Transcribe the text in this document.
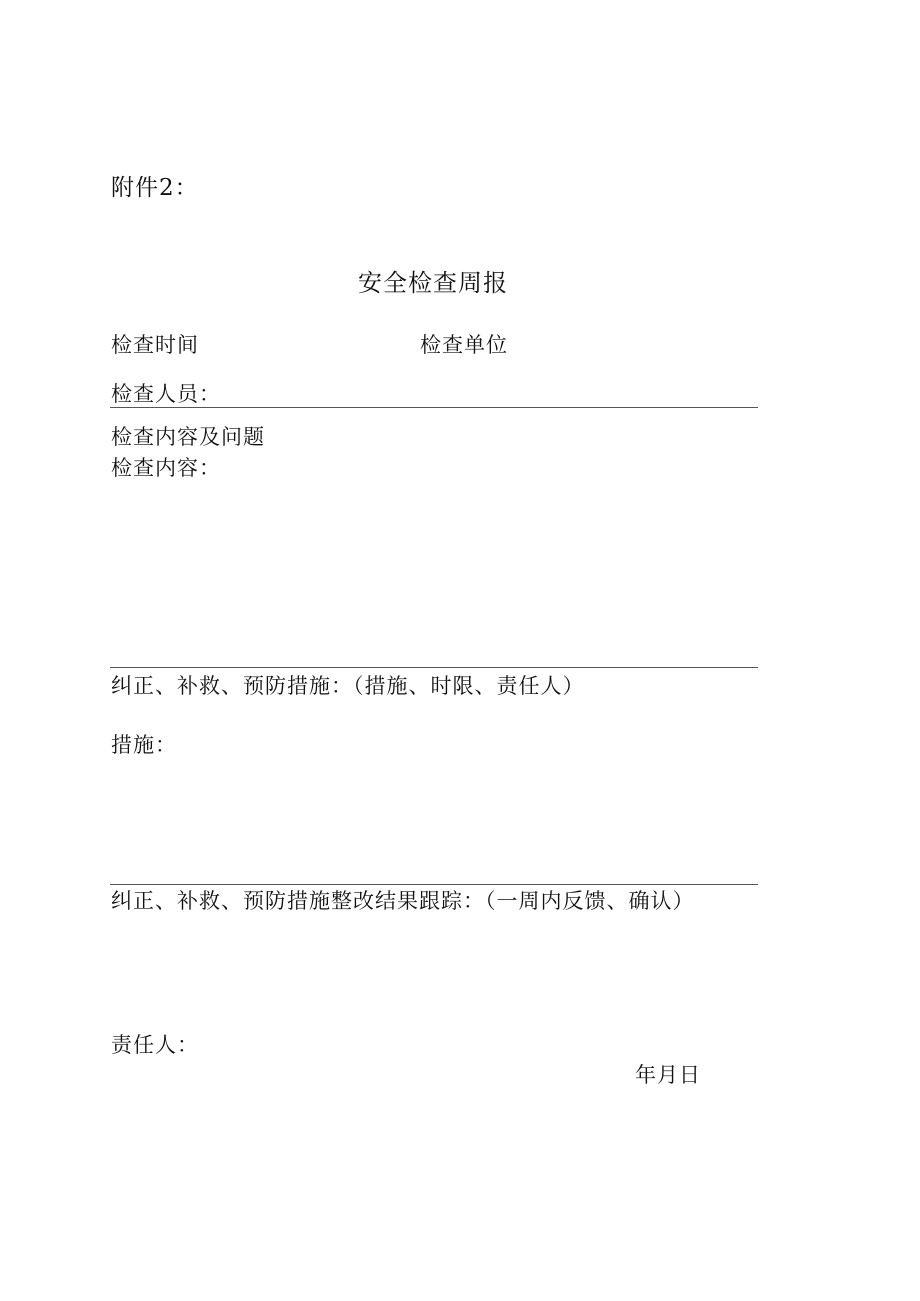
附件2：
安全检查周报
检查时间	检查单位
检查人员：
检查内容及问题
检查内容：
纠正、补救、预防措施：（措施、时限、责任人）
措施：
纠正、补救、预防措施整改结果跟踪：（一周内反馈、确认）
责任人：
年月日
